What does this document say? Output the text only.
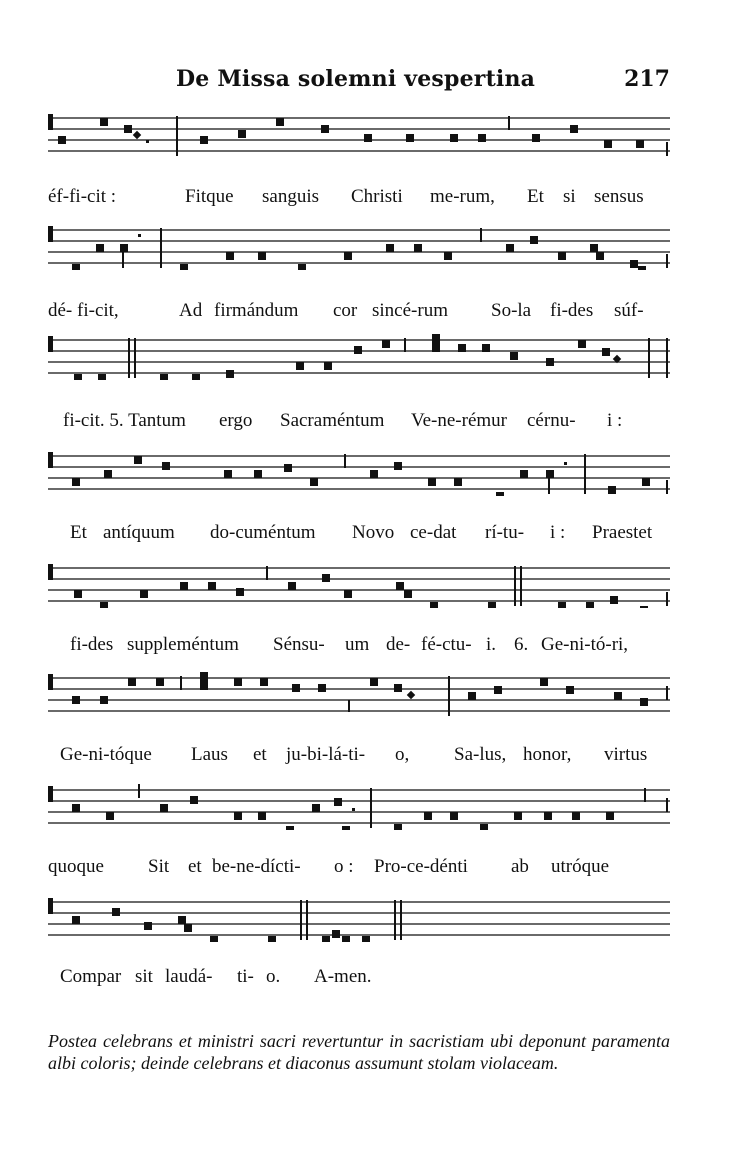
De Missa solemni vespertina	217
éf-fi-cit :	Fitque sanguis Christi me-rum, Et si sensus
dé- fi-cit,	Ad firmándum cor sincé-rum So-la fi-des súf-
fi-cit. 5. Tantum ergo Sacraméntum Ve-ne-rémur cérnu- i :
Et antíquum do-cuméntum Novo ce-dat rí-tu- i : Praestet
fi-des suppleméntum Sénsu- um de- fé-ctu- i. 6. Ge-ni-tó-ri,
Ge-ni-tóque Laus et ju-bi-lá-ti- o, Sa-lus, honor, virtus
quoque Sit et be-ne-dícti- o : Pro-ce-dénti ab utróque
Compar sit laudá- ti- o. A-men.

Postea celebrans et ministri sacri revertuntur in sacristiam ubi deponunt paramenta albi coloris; deinde celebrans et diaconus assumunt stolam violaceam.
